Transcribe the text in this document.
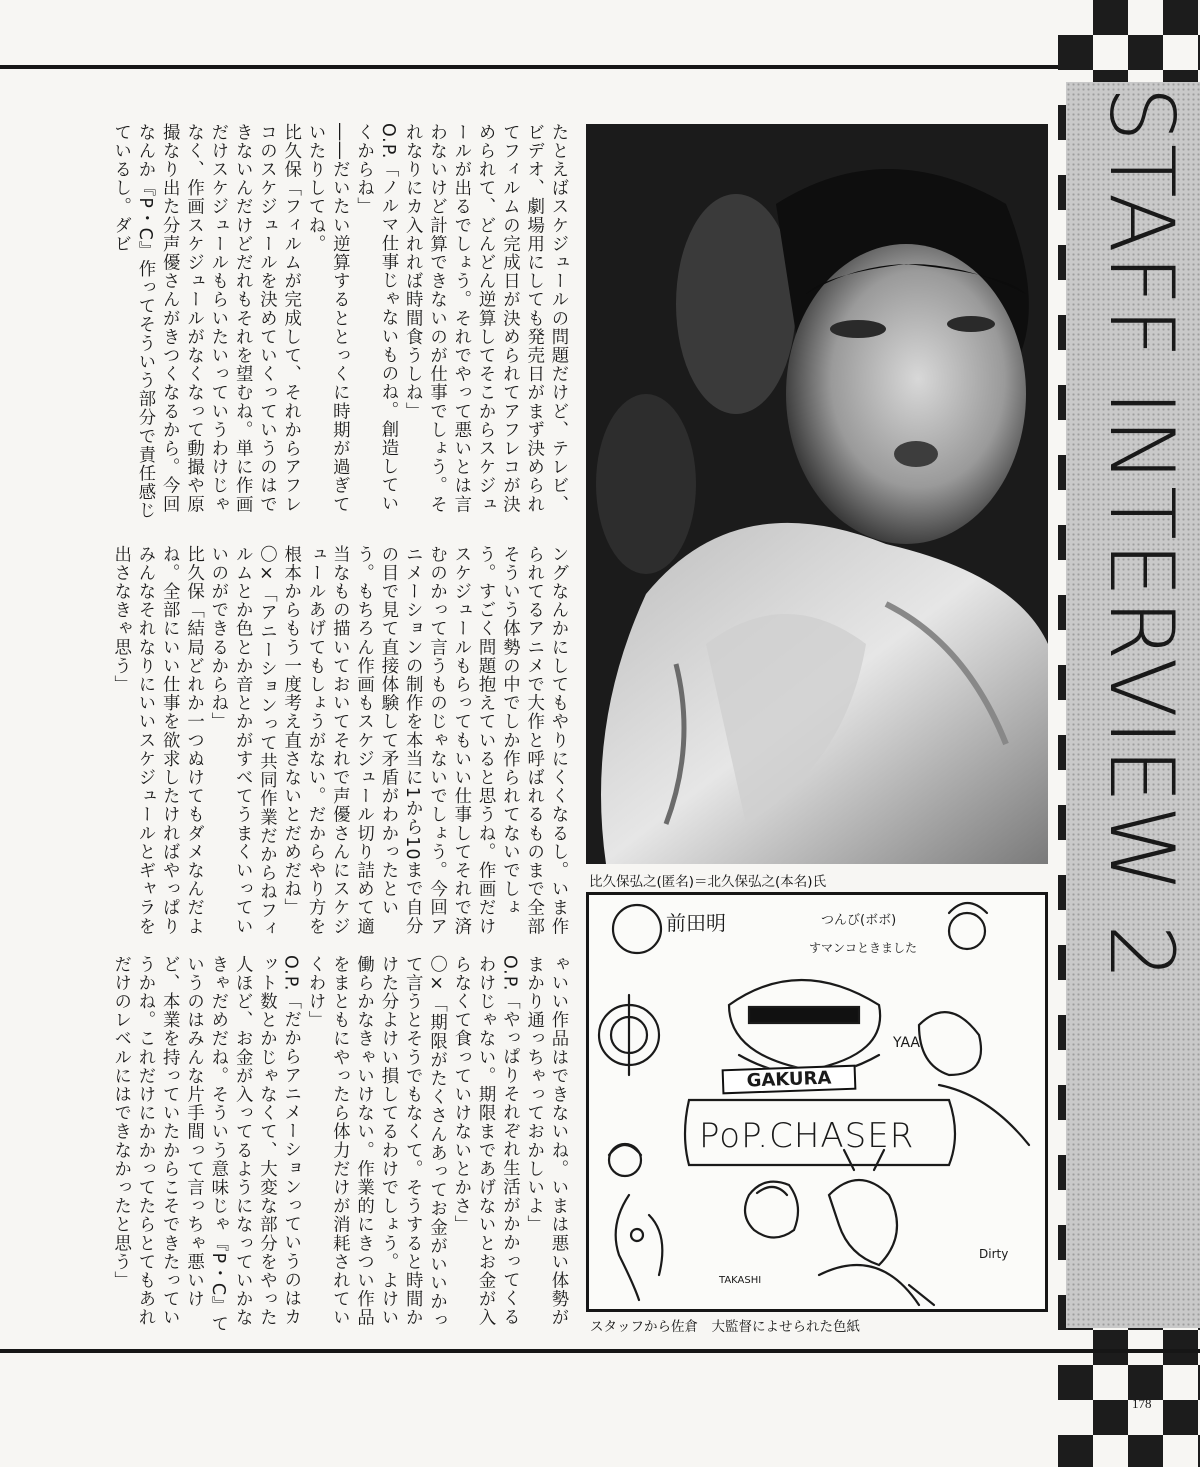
STAFF INTERVIEW 2

たとえばスケジュールの問題だけど、テレビ、ビデオ、劇場用にしても発売日がまず決められてフィルムの完成日が決められてアフレコが決められて、どんどん逆算してそこからスケジュールが出るでしょう。それでやって悪いとは言わないけど計算できないのが仕事でしょう。それなりにカ入れれば時間食うしね」

O.P.「ノルマ仕事じゃないものね。創造していくからね」

――だいたい逆算するととっくに時期が過ぎていたりしてね。

比久保「フィルムが完成して、それからアフレコのスケジュールを決めていくっていうのはできないんだけどだれもそれを望むね。単に作画だけスケジュールもらいたいっていうわけじゃなく、作画スケジュールがなくなって動撮や原撮なり出た分声優さんがきつくなるから。今回なんか『P・C』作ってそういう部分で責任感じているし。ダビ

ングなんかにしてもやりにくくなるし。いま作られてるアニメで大作と呼ばれるものまで全部そういう体勢の中でしか作られてないでしょう。すごく問題抱えていると思うね。作画だけスケジュールもらってもいい仕事してそれで済むのかって言うものじゃないでしょう。今回アニメーションの制作を本当に1から10まで自分の目で見て直接体験して矛盾がわかったという。もちろん作画もスケジュール切り詰めて適当なもの描いておいてそれで声優さんにスケジュールあげてもしょうがない。だからやり方を根本からもう一度考え直さないとだめだね」

〇×「アニーションって共同作業だからねフィルムとか色とか音とかがすべてうまくいっていいのができるからね」

比久保「結局どれか一つぬけてもダメなんだよね。全部にいい仕事を欲求したければやっぱりみんなそれなりにいいスケジュールとギャラを出さなきゃ思う」

ゃいい作品はできないね。いまは悪い体勢がまかり通っちゃっておかしいよ」

O.P.「やっぱりそれぞれ生活がかかってくるわけじゃない。期限まであげないとお金が入らなくて食っていけないとかさ」

〇×「期限がたくさんあってお金がいいかって言うとそうでもなくて。そうすると時間かけた分よけい損してるわけでしょう。よけい働らかなきゃいけない。作業的にきつい作品をまともにやったら体力だけが消耗されていくわけ」

O.P.「だからアニメーションっていうのはカット数とかじゃなくて、大変な部分をやった人ほど、お金が入ってるようになっていかなきゃだめだね。そういう意味じゃ『P・C』ていうのはみんな片手間って言っちゃ悪いけど、本業を持っていたからこそできたっていうかね。これだけにかかってたらとてもあれだけのレベルにはできなかったと思う」

比久保弘之(匿名)＝北久保弘之(本名)氏
前田明	つんび(ボボ)
すマンコときました
YAA
GAKURA
PoP.CHASER
TAKASHI
Dirty
スタッフから佐倉　大監督によせられた色紙
178
